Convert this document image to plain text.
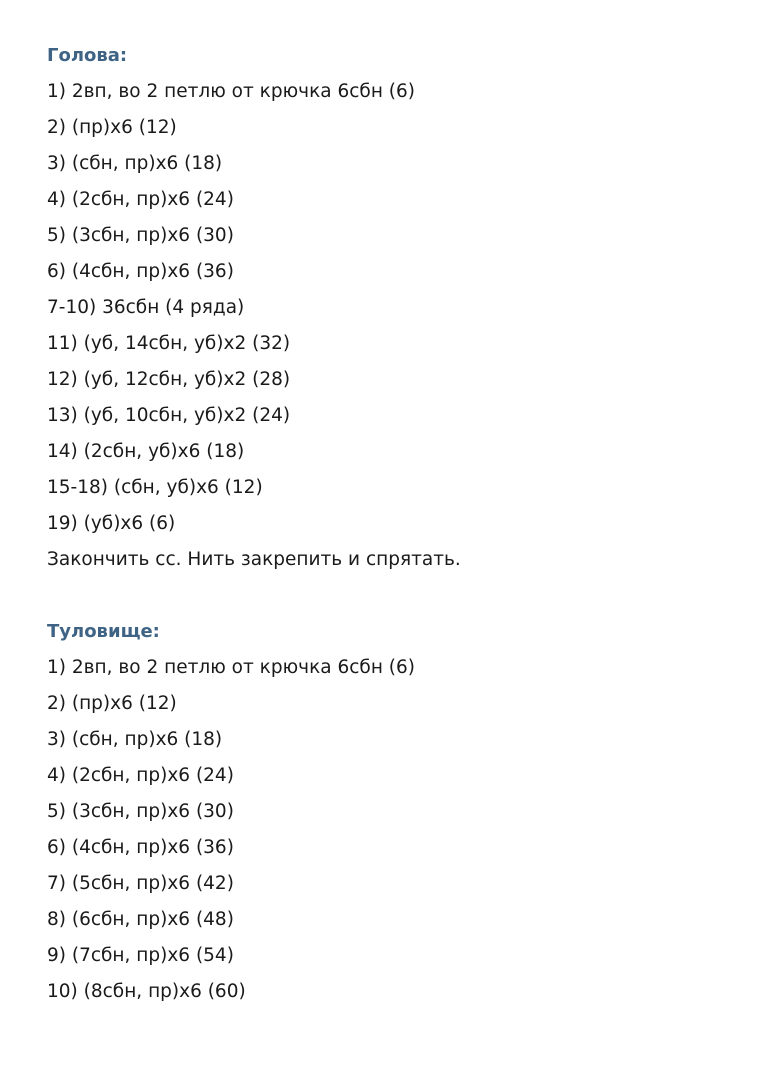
Голова:
1) 2вп, во 2 петлю от крючка 6сбн (6)
2) (пр)х6 (12)
3) (сбн, пр)х6 (18)
4) (2сбн, пр)х6 (24)
5) (3сбн, пр)х6 (30)
6) (4сбн, пр)х6 (36)
7-10) 36сбн (4 ряда)
11) (уб, 14сбн, уб)х2 (32)
12) (уб, 12сбн, уб)х2 (28)
13) (уб, 10сбн, уб)х2 (24)
14) (2сбн, уб)х6 (18)
15-18) (сбн, уб)х6 (12)
19) (уб)х6 (6)
Закончить сс. Нить закрепить и спрятать.
Туловище:
1) 2вп, во 2 петлю от крючка 6сбн (6)
2) (пр)х6 (12)
3) (сбн, пр)х6 (18)
4) (2сбн, пр)х6 (24)
5) (3сбн, пр)х6 (30)
6) (4сбн, пр)х6 (36)
7) (5сбн, пр)х6 (42)
8) (6сбн, пр)х6 (48)
9) (7сбн, пр)х6 (54)
10) (8сбн, пр)х6 (60)
